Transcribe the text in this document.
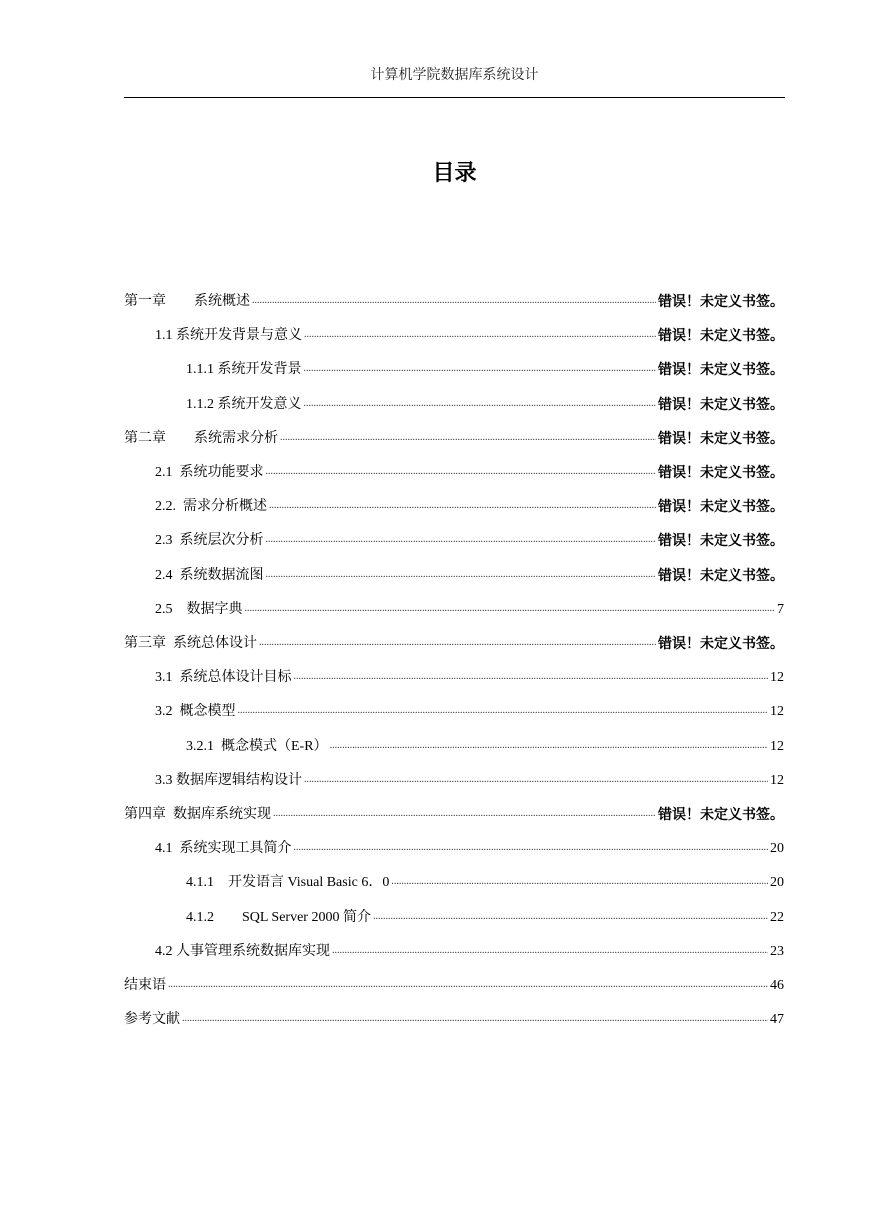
计算机学院数据库系统设计
目录
第一章        系统概述 .....	错误！未定义书签。
1.1 系统开发背景与意义 .....	错误！未定义书签。
1.1.1 系统开发背景 .....	错误！未定义书签。
1.1.2 系统开发意义 .....	错误！未定义书签。
第二章        系统需求分析 .....	错误！未定义书签。
2.1  系统功能要求 .....	错误！未定义书签。
2.2.  需求分析概述 .....	错误！未定义书签。
2.3  系统层次分析 .....	错误！未定义书签。
2.4  系统数据流图 .....	错误！未定义书签。
2.5    数据字典 .....	7
第三章  系统总体设计 .....	错误！未定义书签。
3.1  系统总体设计目标 .....	12
3.2  概念模型 .....	12
3.2.1  概念模式（E-R） .....	12
3.3 数据库逻辑结构设计 .....	12
第四章  数据库系统实现 .....	错误！未定义书签。
4.1  系统实现工具简介 .....	20
4.1.1    开发语言 Visual Basic 6．0 .....	20
4.1.2        SQL Server 2000 简介 .....	22
4.2 人事管理系统数据库实现 .....	23
结束语 .....	46
参考文献 .....	47
